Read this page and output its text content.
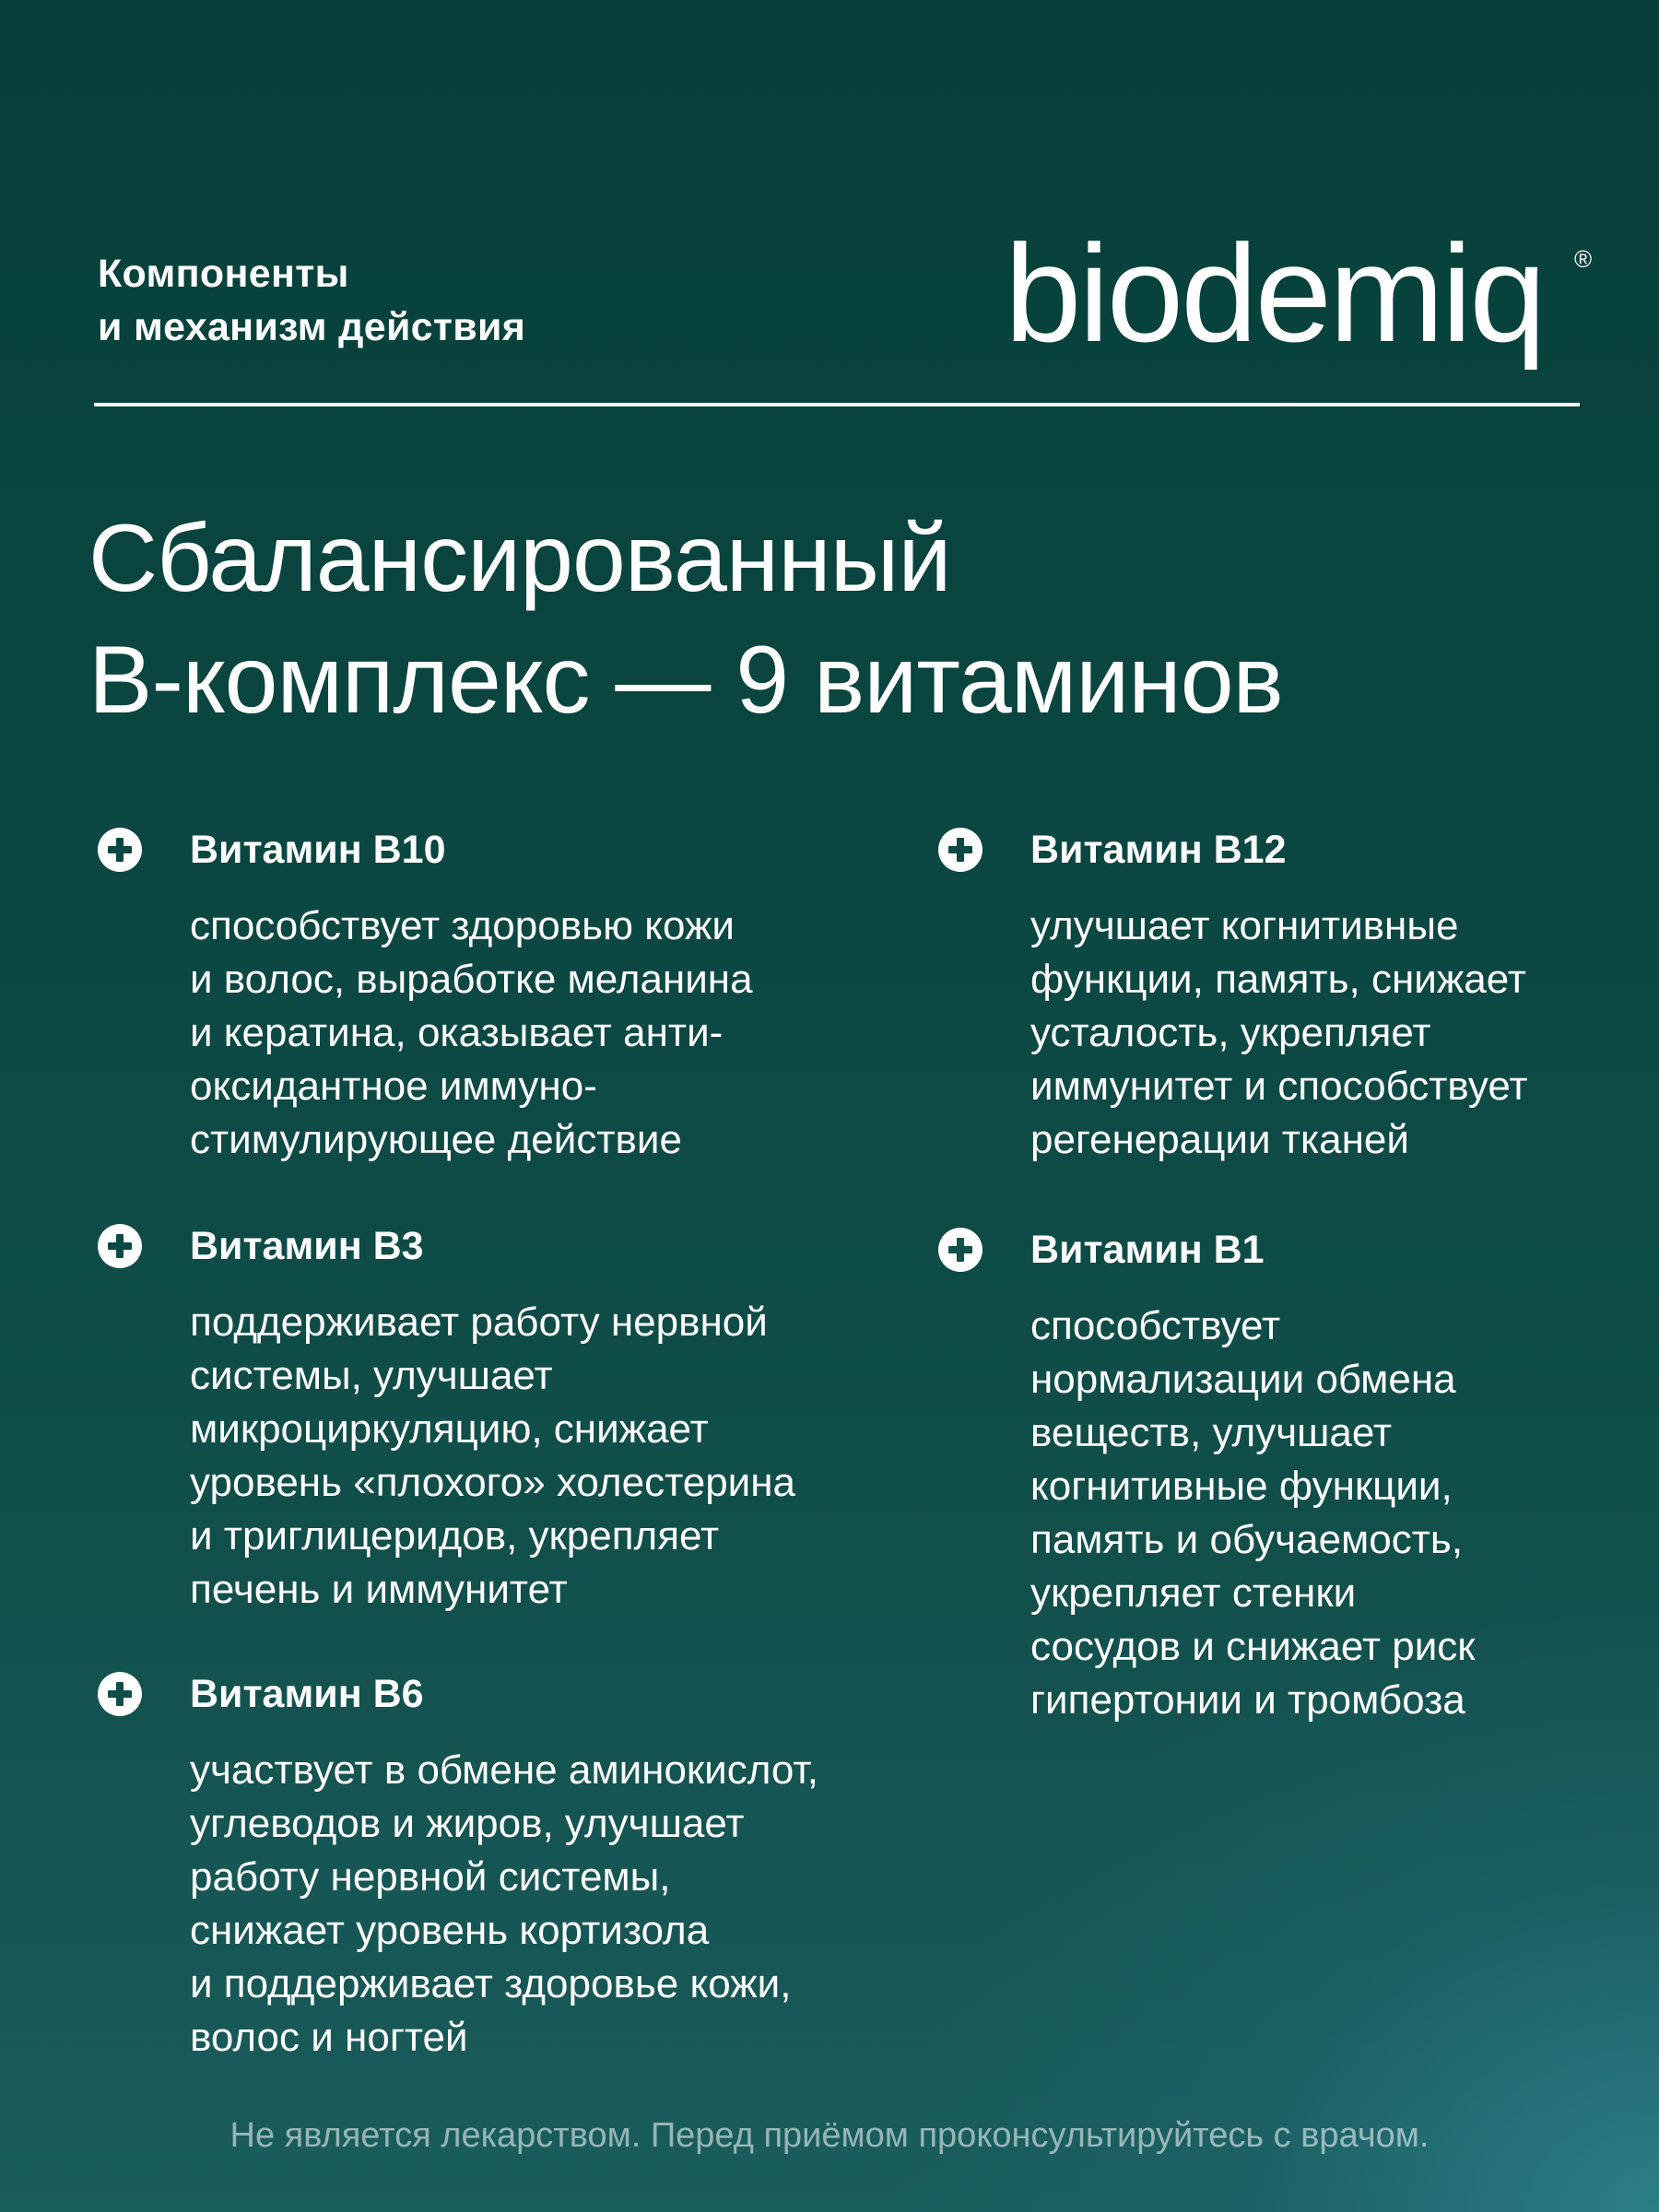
Компоненты
и механизм действия	biodemiq ®
Сбалансированный
В-комплекс — 9 витаминов
Витамин B10
способствует здоровью кожи
и волос, выработке меланина
и кератина, оказывает анти-
оксидантное иммуно-
стимулирующее действие
Витамин B3
поддерживает работу нервной
системы, улучшает
микроциркуляцию, снижает
уровень «плохого» холестерина
и триглицеридов, укрепляет
печень и иммунитет
Витамин B6
участвует в обмене аминокислот,
углеводов и жиров, улучшает
работу нервной системы,
снижает уровень кортизола
и поддерживает здоровье кожи,
волос и ногтей
Витамин B12
улучшает когнитивные
функции, память, снижает
усталость, укрепляет
иммунитет и способствует
регенерации тканей
Витамин B1
способствует
нормализации обмена
веществ, улучшает
когнитивные функции,
память и обучаемость,
укрепляет стенки
сосудов и снижает риск
гипертонии и тромбоза
Не является лекарством. Перед приёмом проконсультируйтесь с врачом.
